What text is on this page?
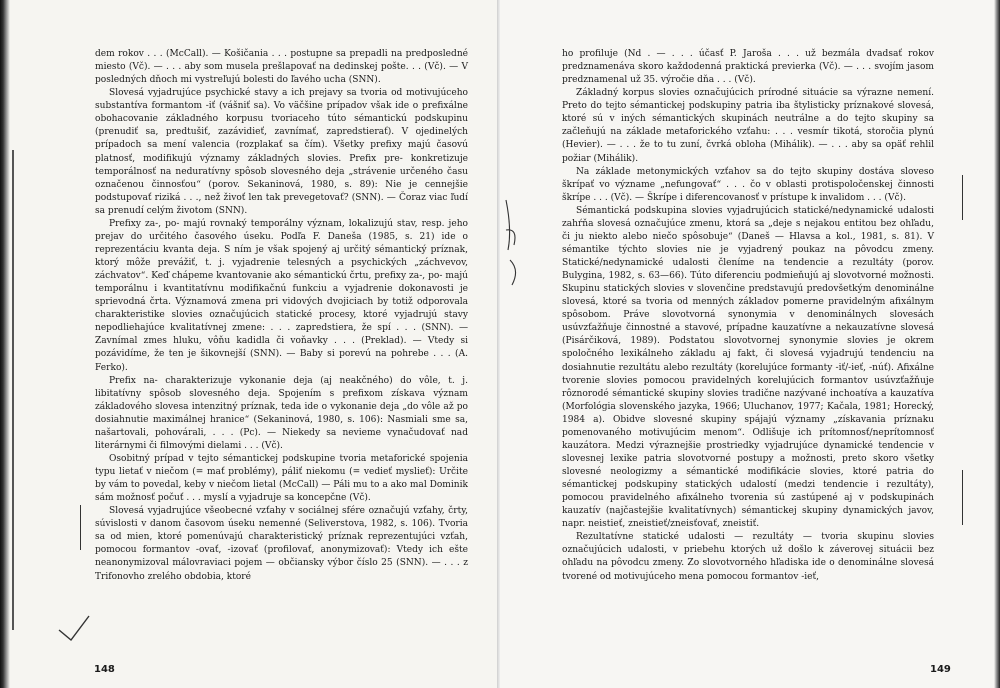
dem rokov . . . (McCall). — Košičania . . . postupne sa prepadli na predposledné miesto (Vč). — . . . aby som musela prešlapovať na dedinskej pošte. . . (Vč). — V posledných dňoch mi vystreľujú bolesti do ľavého ucha (SNN).

Slovesá vyjadrujúce psychické stavy a ich prejavy sa tvoria od motivujúceho substantíva formantom -iť (vášniť sa). Vo väčšine prípadov však ide o prefixálne obohacovanie základného korpusu tvoriaceho túto sémantickú podskupinu (prenudiť sa, predtušiť, zazávidieť, zavnímať, zapredstierať). V ojedinelých prípadoch sa mení valencia (rozplakať sa čím). Všetky prefixy majú časovú platnosť, modifikujú významy základných slovies. Prefix pre- konkretizuje temporálnosť na neduratívny spôsob slovesného deja „strávenie určeného času označenou činnosťou“ (porov. Sekaninová, 1980, s. 89): Nie je cennejšie podstupovať riziká . . ., než živoť len tak prevegetovať? (SNN). — Čoraz viac ľudí sa prenudí celým životom (SNN).

Prefixy za-, po- majú rovnaký temporálny význam, lokalizujú stav, resp. jeho prejav do určitého časového úseku. Podľa F. Daneša (1985, s. 21) ide o reprezentáciu kvanta deja. S ním je však spojený aj určitý sémantický príznak, ktorý môže prevážiť, t. j. vyjadrenie telesných a psychických „záchvevov, záchvatov“. Keď chápeme kvantovanie ako sémantickú črtu, prefixy za-, po- majú temporálnu i kvantitatívnu modifikačnú funkciu a vyjadrenie dokonavosti je sprievodná črta. Významová zmena pri vidových dvojiciach by totiž odporovala charakteristike slovies označujúcich statické procesy, ktoré vyjadrujú stavy nepodliehajúce kvalitatívnej zmene: . . . zapredstiera, že spí . . . (SNN). — Zavnímal zmes hluku, vôňu kadidla či voňavky . . . (Preklad). — Vtedy si pozávidíme, že ten je šikovnejší (SNN). — Baby si porevú na pohrebe . . . (A. Ferko).

Prefix na- charakterizuje vykonanie deja (aj neakčného) do vôle, t. j. libitatívny spôsob slovesného deja. Spojením s prefixom získava význam základového slovesa intenzitný príznak, teda ide o vykonanie deja „do vôle až po dosiahnutie maximálnej hranice“ (Sekaninová, 1980, s. 106): Nasmiali sme sa, našartovali, pohovárali, . . . (Pc). — Niekedy sa nevieme vynačudovať nad literárnymi či filmovými dielami . . . (Vč).

Osobitný prípad v tejto sémantickej podskupine tvoria metaforické spojenia typu lietať v niečom (= mať problémy), páliť niekomu (= vedieť myslieť): Určite by vám to povedal, keby v niečom lietal (McCall) — Páli mu to a ako mal Dominik sám možnosť počuť . . . myslí a vyjadruje sa koncepčne (Vč).

Slovesá vyjadrujúce všeobecné vzťahy v sociálnej sfére označujú vzťahy, črty, súvislosti v danom časovom úseku nemenné (Seliverstova, 1982, s. 106). Tvoria sa od mien, ktoré pomenúvajú charakteristický príznak reprezentujúci vzťah, pomocou formantov -ovať, -izovať (profilovať, anonymizovať): Vtedy ich ešte neanonymizoval málovraviaci pojem — občiansky výbor číslo 25 (SNN). — . . . z Trifonovho zrelého obdobia, ktoré

148

ho profiluje (Nd . — . . . účasť P. Jaroša . . . už bezmála dvadsať rokov predznamenáva skoro každodenná praktická previerka (Vč). — . . . svojím jasom predznamenal už 35. výročie dňa . . . (Vč).

Základný korpus slovies označujúcich prírodné situácie sa výrazne nemení. Preto do tejto sémantickej podskupiny patria iba štylisticky príznakové slovesá, ktoré sú v iných sémantických skupinách neutrálne a do tejto skupiny sa začleňujú na základe metaforického vzťahu: . . . vesmír tikotá, storočia plynú (Hevier). — . . . že to tu zuní, čvrká obloha (Mihálik). — . . . aby sa opäť rehlil požiar (Mihálik).

Na základe metonymických vzťahov sa do tejto skupiny dostáva sloveso škrípať vo význame „nefungovať“ . . . čo v oblasti protispoločenskej činnosti škrípe . . . (Vč). — Škrípe i diferencovanosť v prístupe k invalidom . . . (Vč).

Sémantická podskupina slovies vyjadrujúcich statické/nedynamické udalosti zahŕňa slovesá označujúce zmenu, ktorá sa „deje s nejakou entitou bez ohľadu, či ju niekto alebo niečo spôsobuje“ (Daneš — Hlavsa a kol., 1981, s. 81). V sémantike týchto slovies nie je vyjadrený poukaz na pôvodcu zmeny. Statické/nedynamické udalosti členíme na tendencie a rezultáty (porov. Bulygina, 1982, s. 63—66). Túto diferenciu podmieňujú aj slovotvorné možnosti. Skupinu statických slovies v slovenčine predstavujú predovšetkým denominálne slovesá, ktoré sa tvoria od menných základov pomerne pravidelným afixálnym spôsobom. Práve slovotvorná synonymia v denominálnych slovesách usúvzťažňuje činnostné a stavové, prípadne kauzatívne a nekauzatívne slovesá (Pisárčiková, 1989). Podstatou slovotvornej synonymie slovies je okrem spoločného lexikálneho základu aj fakt, či slovesá vyjadrujú tendenciu na dosiahnutie rezultátu alebo rezultáty (korelujúce formanty -iť/-ieť, -núť). Afixálne tvorenie slovies pomocou pravidelných korelujúcich formantov usúvzťažňuje rôznorodé sémantické skupiny slovies tradične nazývané inchoatíva a kauzatíva (Morfológia slovenského jazyka, 1966; Uluchanov, 1977; Kačala, 1981; Horecký, 1984 a). Obidve slovesné skupiny spájajú významy „získavania príznaku pomenovaného motivujúcim menom“. Odlišuje ich prítomnosť/neprítomnosť kauzátora. Medzi výraznejšie prostriedky vyjadrujúce dynamické tendencie v slovesnej lexike patria slovotvorné postupy a možnosti, preto skoro všetky slovesné neologizmy a sémantické modifikácie slovies, ktoré patria do sémantickej podskupiny statických udalostí (medzi tendencie i rezultáty), pomocou pravidelného afixálneho tvorenia sú zastúpené aj v podskupinách kauzatív (najčastejšie kvalitatívnych) sémantickej skupiny dynamických javov, napr. neistieť, zneistieť/zneisťovať, zneistiť.

Rezultatívne statické udalosti — rezultáty — tvoria skupinu slovies označujúcich udalosti, v priebehu ktorých už došlo k záverovej situácii bez ohľadu na pôvodcu zmeny. Zo slovotvorného hľadiska ide o denominálne slovesá tvorené od motivujúceho mena pomocou formantov -ieť,

149
